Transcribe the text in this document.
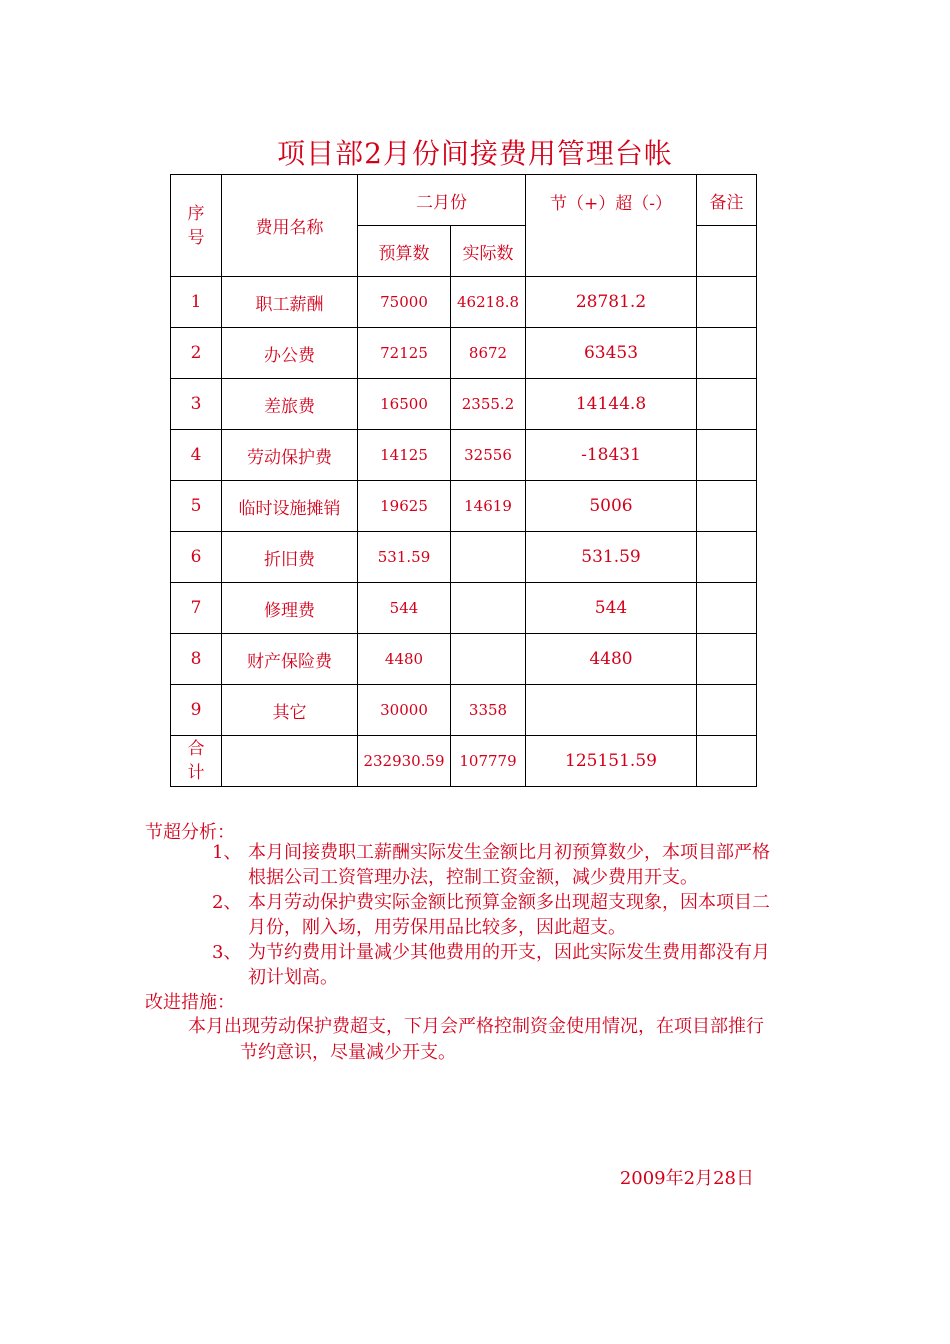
项目部2月份间接费用管理台帐
序
号	费用名称	二月份		节（+）超（-）	备注
		预算数	实际数		
1	职工薪酬	75000	46218.8	28781.2	
2	办公费	72125	8672	63453	
3	差旅费	16500	2355.2	14144.8	
4	劳动保护费	14125	32556	-18431	
5	临时设施摊销	19625	14619	5006	
6	折旧费	531.59		531.59	
7	修理费	544		544	
8	财产保险费	4480		4480	
9	其它	30000	3358		

合
计		232930.59	107779	125151.59	
节超分析：
1、 本月间接费职工薪酬实际发生金额比月初预算数少，本项目部严格
根据公司工资管理办法，控制工资金额，减少费用开支。
2、 本月劳动保护费实际金额比预算金额多出现超支现象，因本项目二
月份，刚入场，用劳保用品比较多，因此超支。
3、 为节约费用计量减少其他费用的开支，因此实际发生费用都没有月
初计划高。
改进措施：
本月出现劳动保护费超支，下月会严格控制资金使用情况，在项目部推行
节约意识，尽量减少开支。
2009年2月28日
